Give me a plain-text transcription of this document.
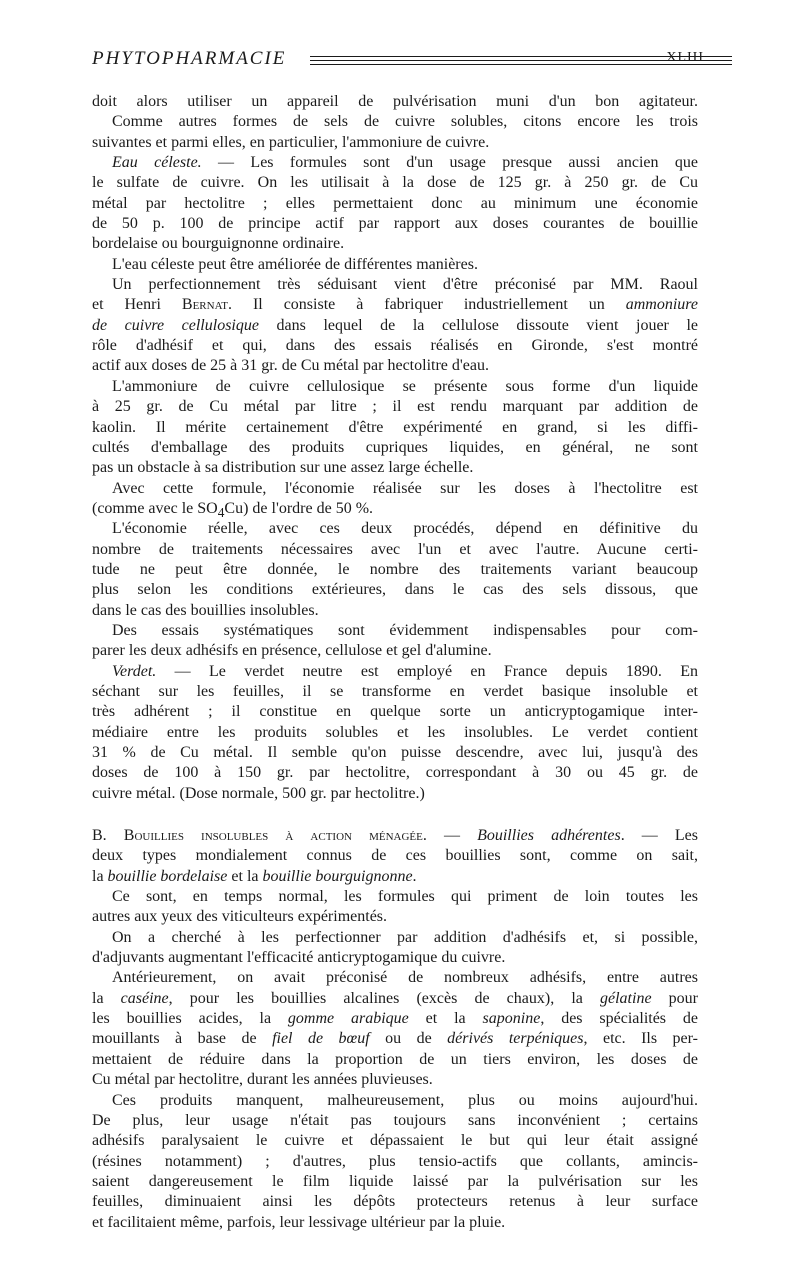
PHYTOPHARMACIE	XLIII

doit alors utiliser un appareil de pulvérisation muni d'un bon agitateur.

Comme autres formes de sels de cuivre solubles, citons encore les trois

suivantes et parmi elles, en particulier, l'ammoniure de cuivre.

Eau céleste. — Les formules sont d'un usage presque aussi ancien que

le sulfate de cuivre. On les utilisait à la dose de 125 gr. à 250 gr. de Cu

métal par hectolitre ; elles permettaient donc au minimum une économie

de 50 p. 100 de principe actif par rapport aux doses courantes de bouillie

bordelaise ou bourguignonne ordinaire.

L'eau céleste peut être améliorée de différentes manières.

Un perfectionnement très séduisant vient d'être préconisé par MM. Raoul

et Henri Bernat. Il consiste à fabriquer industriellement un ammoniure

de cuivre cellulosique dans lequel de la cellulose dissoute vient jouer le

rôle d'adhésif et qui, dans des essais réalisés en Gironde, s'est montré

actif aux doses de 25 à 31 gr. de Cu métal par hectolitre d'eau.

L'ammoniure de cuivre cellulosique se présente sous forme d'un liquide

à 25 gr. de Cu métal par litre ; il est rendu marquant par addition de

kaolin. Il mérite certainement d'être expérimenté en grand, si les diffi-

cultés d'emballage des produits cupriques liquides, en général, ne sont

pas un obstacle à sa distribution sur une assez large échelle.

Avec cette formule, l'économie réalisée sur les doses à l'hectolitre est

(comme avec le $SO_4Cu$) de l'ordre de 50 %.

L'économie réelle, avec ces deux procédés, dépend en définitive du

nombre de traitements nécessaires avec l'un et avec l'autre. Aucune certi-

tude ne peut être donnée, le nombre des traitements variant beaucoup

plus selon les conditions extérieures, dans le cas des sels dissous, que

dans le cas des bouillies insolubles.

Des essais systématiques sont évidemment indispensables pour com-

parer les deux adhésifs en présence, cellulose et gel d'alumine.

Verdet. — Le verdet neutre est employé en France depuis 1890. En

séchant sur les feuilles, il se transforme en verdet basique insoluble et

très adhérent ; il constitue en quelque sorte un anticryptogamique inter-

médiaire entre les produits solubles et les insolubles. Le verdet contient

31 % de Cu métal. Il semble qu'on puisse descendre, avec lui, jusqu'à des

doses de 100 à 150 gr. par hectolitre, correspondant à 30 ou 45 gr. de

cuivre métal. (Dose normale, 500 gr. par hectolitre.)

B. Bouillies insolubles à action ménagée. — Bouillies adhérentes. — Les

deux types mondialement connus de ces bouillies sont, comme on sait,

la bouillie bordelaise et la bouillie bourguignonne.

Ce sont, en temps normal, les formules qui priment de loin toutes les

autres aux yeux des viticulteurs expérimentés.

On a cherché à les perfectionner par addition d'adhésifs et, si possible,

d'adjuvants augmentant l'efficacité anticryptogamique du cuivre.

Antérieurement, on avait préconisé de nombreux adhésifs, entre autres

la caséine, pour les bouillies alcalines (excès de chaux), la gélatine pour

les bouillies acides, la gomme arabique et la saponine, des spécialités de

mouillants à base de fiel de bœuf ou de dérivés terpéniques, etc. Ils per-

mettaient de réduire dans la proportion de un tiers environ, les doses de

Cu métal par hectolitre, durant les années pluvieuses.

Ces produits manquent, malheureusement, plus ou moins aujourd'hui.

De plus, leur usage n'était pas toujours sans inconvénient ; certains

adhésifs paralysaient le cuivre et dépassaient le but qui leur était assigné

(résines notamment) ; d'autres, plus tensio-actifs que collants, amincis-

saient dangereusement le film liquide laissé par la pulvérisation sur les

feuilles, diminuaient ainsi les dépôts protecteurs retenus à leur surface

et facilitaient même, parfois, leur lessivage ultérieur par la pluie.
